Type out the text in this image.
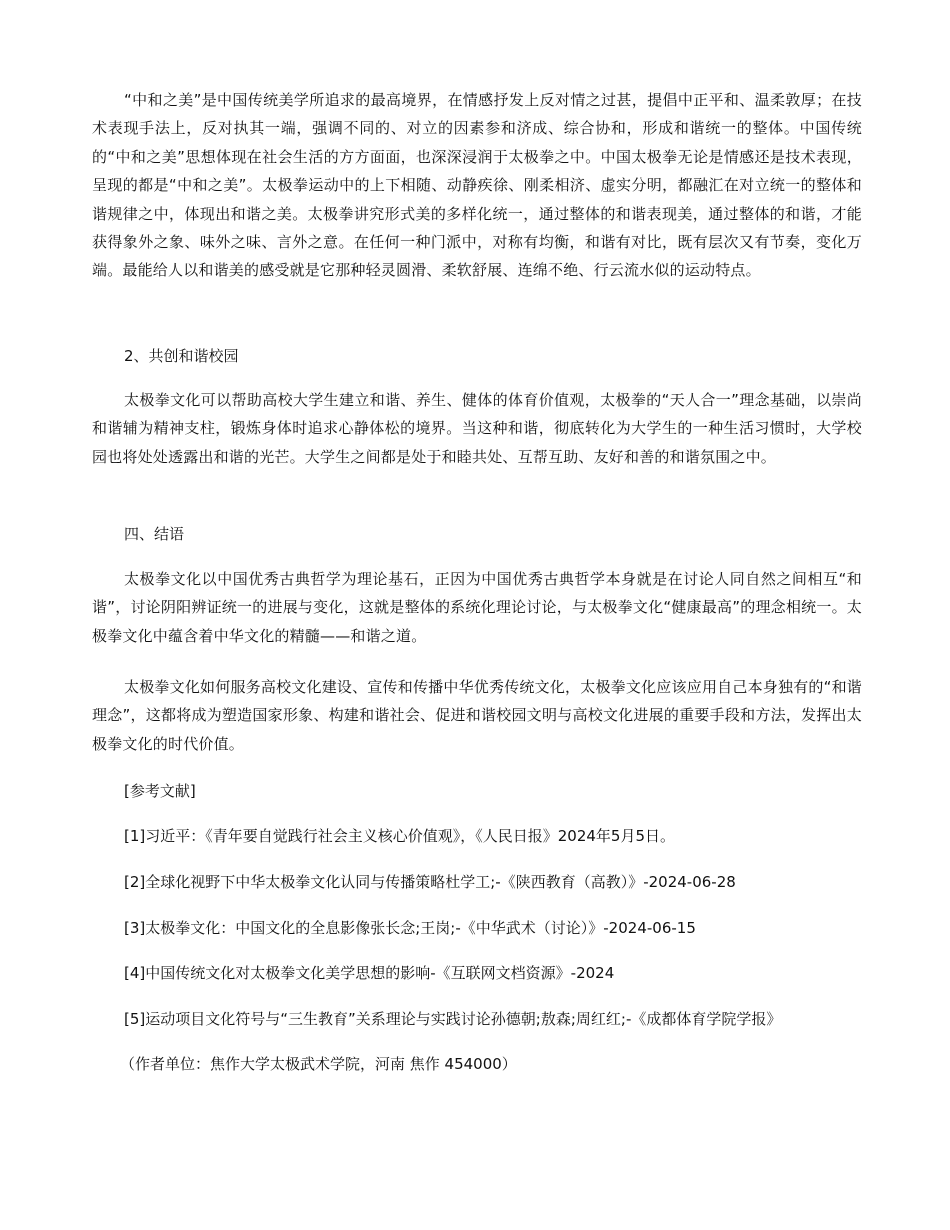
“中和之美”是中国传统美学所追求的最高境界，在情感抒发上反对情之过甚，提倡中正平和、温柔敦厚；在技术表现手法上，反对执其一端，强调不同的、对立的因素参和济成、综合协和，形成和谐统一的整体。中国传统的“中和之美”思想体现在社会生活的方方面面，也深深浸润于太极拳之中。中国太极拳无论是情感还是技术表现，呈现的都是“中和之美”。太极拳运动中的上下相随、动静疾徐、刚柔相济、虚实分明，都融汇在对立统一的整体和谐规律之中，体现出和谐之美。太极拳讲究形式美的多样化统一，通过整体的和谐表现美，通过整体的和谐，才能获得象外之象、味外之味、言外之意。在任何一种门派中，对称有均衡，和谐有对比，既有层次又有节奏，变化万端。最能给人以和谐美的感受就是它那种轻灵圆滑、柔软舒展、连绵不绝、行云流水似的运动特点。

2、共创和谐校园

太极拳文化可以帮助高校大学生建立和谐、养生、健体的体育价值观，太极拳的“天人合一”理念基础，以崇尚和谐辅为精神支柱，锻炼身体时追求心静体松的境界。当这种和谐，彻底转化为大学生的一种生活习惯时，大学校园也将处处透露出和谐的光芒。大学生之间都是处于和睦共处、互帮互助、友好和善的和谐氛围之中。

四、结语

太极拳文化以中国优秀古典哲学为理论基石，正因为中国优秀古典哲学本身就是在讨论人同自然之间相互“和谐”，讨论阴阳辨证统一的进展与变化，这就是整体的系统化理论讨论，与太极拳文化“健康最高”的理念相统一。太极拳文化中蕴含着中华文化的精髓——和谐之道。

太极拳文化如何服务高校文化建设、宣传和传播中华优秀传统文化，太极拳文化应该应用自己本身独有的“和谐理念”，这都将成为塑造国家形象、构建和谐社会、促进和谐校园文明与高校文化进展的重要手段和方法，发挥出太极拳文化的时代价值。

[参考文献]

[1]习近平：《青年要自觉践行社会主义核心价值观》，《人民日报》2024年5月5日。

[2]全球化视野下中华太极拳文化认同与传播策略杜学工;-《陕西教育（高教）》-2024-06-28

[3]太极拳文化：中国文化的全息影像张长念;王岗;-《中华武术（讨论）》-2024-06-15

[4]中国传统文化对太极拳文化美学思想的影响-《互联网文档资源》-2024

[5]运动项目文化符号与“三生教育”关系理论与实践讨论孙德朝;敖森;周红红;-《成都体育学院学报》

（作者单位：焦作大学太极武术学院，河南 焦作 454000）
